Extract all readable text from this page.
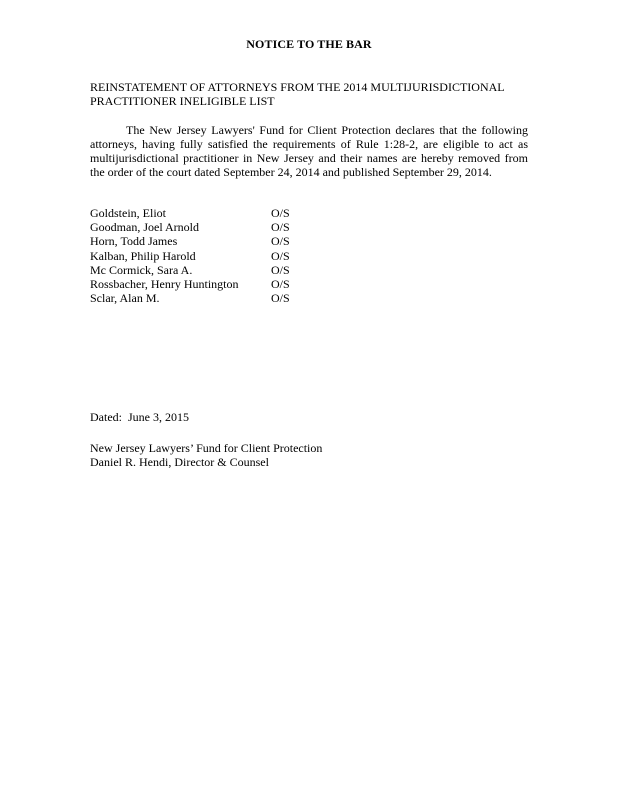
NOTICE TO THE BAR
REINSTATEMENT OF ATTORNEYS FROM THE 2014 MULTIJURISDICTIONAL
PRACTITIONER INELIGIBLE LIST
The New Jersey Lawyers' Fund for Client Protection declares that the following attorneys, having fully satisfied the requirements of Rule 1:28-2, are eligible to act as multijurisdictional practitioner in New Jersey and their names are hereby removed from the order of the court dated September 24, 2014 and published September 29, 2014.
Goldstein, Eliot	O/S
Goodman, Joel Arnold	O/S
Horn, Todd James	O/S
Kalban, Philip Harold	O/S
Mc Cormick, Sara A.	O/S
Rossbacher, Henry Huntington	O/S
Sclar, Alan M.	O/S
Dated:  June 3, 2015
New Jersey Lawyers’ Fund for Client Protection
Daniel R. Hendi, Director & Counsel
